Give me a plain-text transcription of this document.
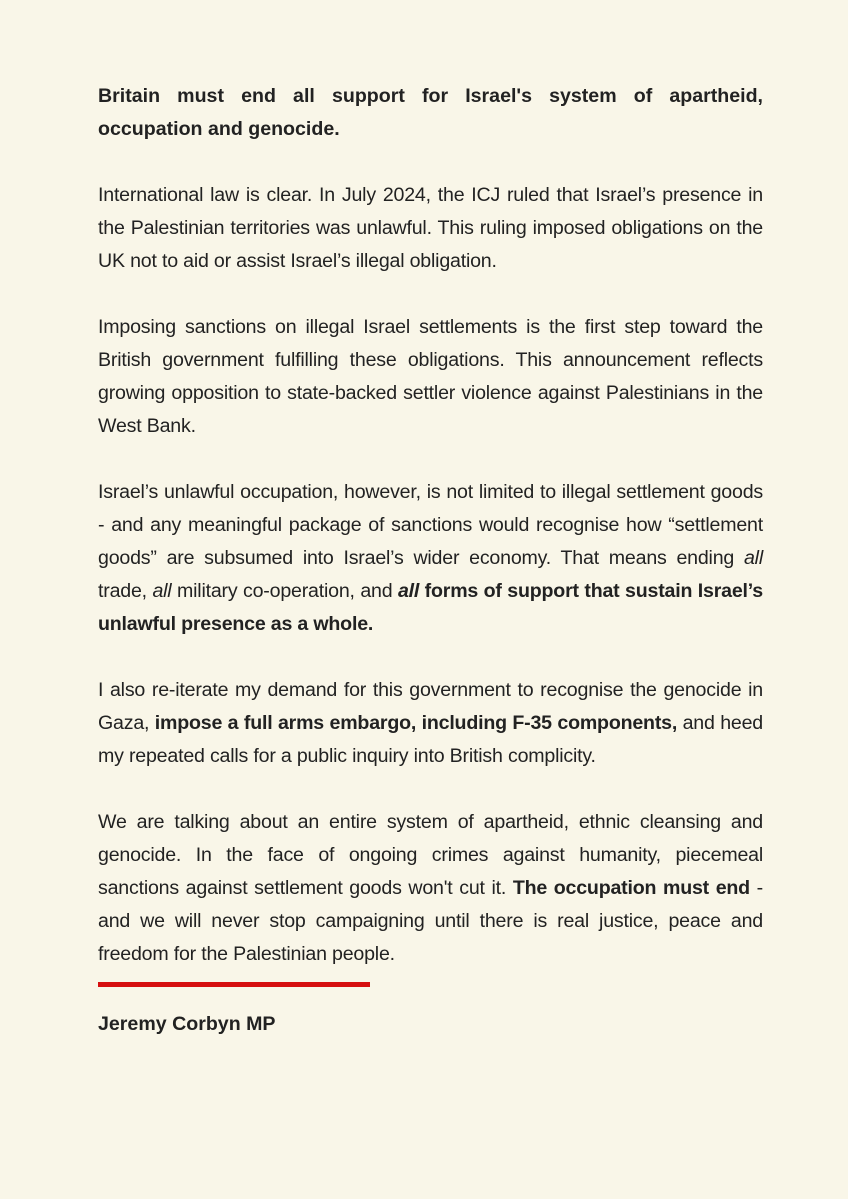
Britain must end all support for Israel's system of apartheid, occupation and genocide.

International law is clear. In July 2024, the ICJ ruled that Israel’s presence in the Palestinian territories was unlawful. This ruling imposed obligations on the UK not to aid or assist Israel’s illegal obligation.

Imposing sanctions on illegal Israel settlements is the first step toward the British government fulfilling these obligations. This announcement reflects growing opposition to state-backed settler violence against Palestinians in the West Bank.

Israel’s unlawful occupation, however, is not limited to illegal settlement goods - and any meaningful package of sanctions would recognise how “settlement goods” are subsumed into Israel’s wider economy. That means ending all trade, all military co-operation, and all forms of support that sustain Israel’s unlawful presence as a whole.

I also re-iterate my demand for this government to recognise the genocide in Gaza, impose a full arms embargo, including F-35 components, and heed my repeated calls for a public inquiry into British complicity.

We are talking about an entire system of apartheid, ethnic cleansing and genocide. In the face of ongoing crimes against humanity, piecemeal sanctions against settlement goods won't cut it. The occupation must end - and we will never stop campaigning until there is real justice, peace and freedom for the Palestinian people.

Jeremy Corbyn MP
